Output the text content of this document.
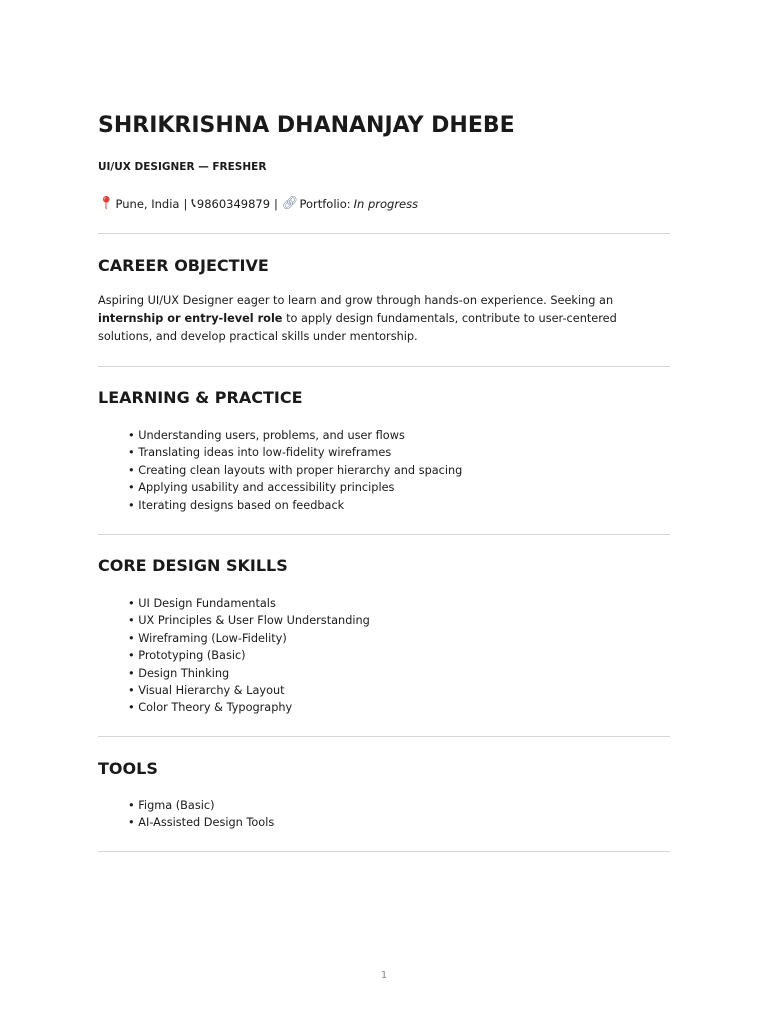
SHRIKRISHNA DHANANJAY DHEBE

UI/UX DESIGNER — FRESHER

📍︎ Pune, India | 📞︎ 9860349879 | 🔗︎ Portfolio: In progress
CAREER OBJECTIVE

Aspiring UI/UX Designer eager to learn and grow through hands-on experience. Seeking an internship or entry-level role to apply design fundamentals, contribute to user-centered solutions, and develop practical skills under mentorship.

LEARNING & PRACTICE
• Understanding users, problems, and user flows
• Translating ideas into low-fidelity wireframes
• Creating clean layouts with proper hierarchy and spacing
• Applying usability and accessibility principles
• Iterating designs based on feedback
CORE DESIGN SKILLS
• UI Design Fundamentals
• UX Principles & User Flow Understanding
• Wireframing (Low-Fidelity)
• Prototyping (Basic)
• Design Thinking
• Visual Hierarchy & Layout
• Color Theory & Typography
TOOLS
• Figma (Basic)
• AI-Assisted Design Tools
1
